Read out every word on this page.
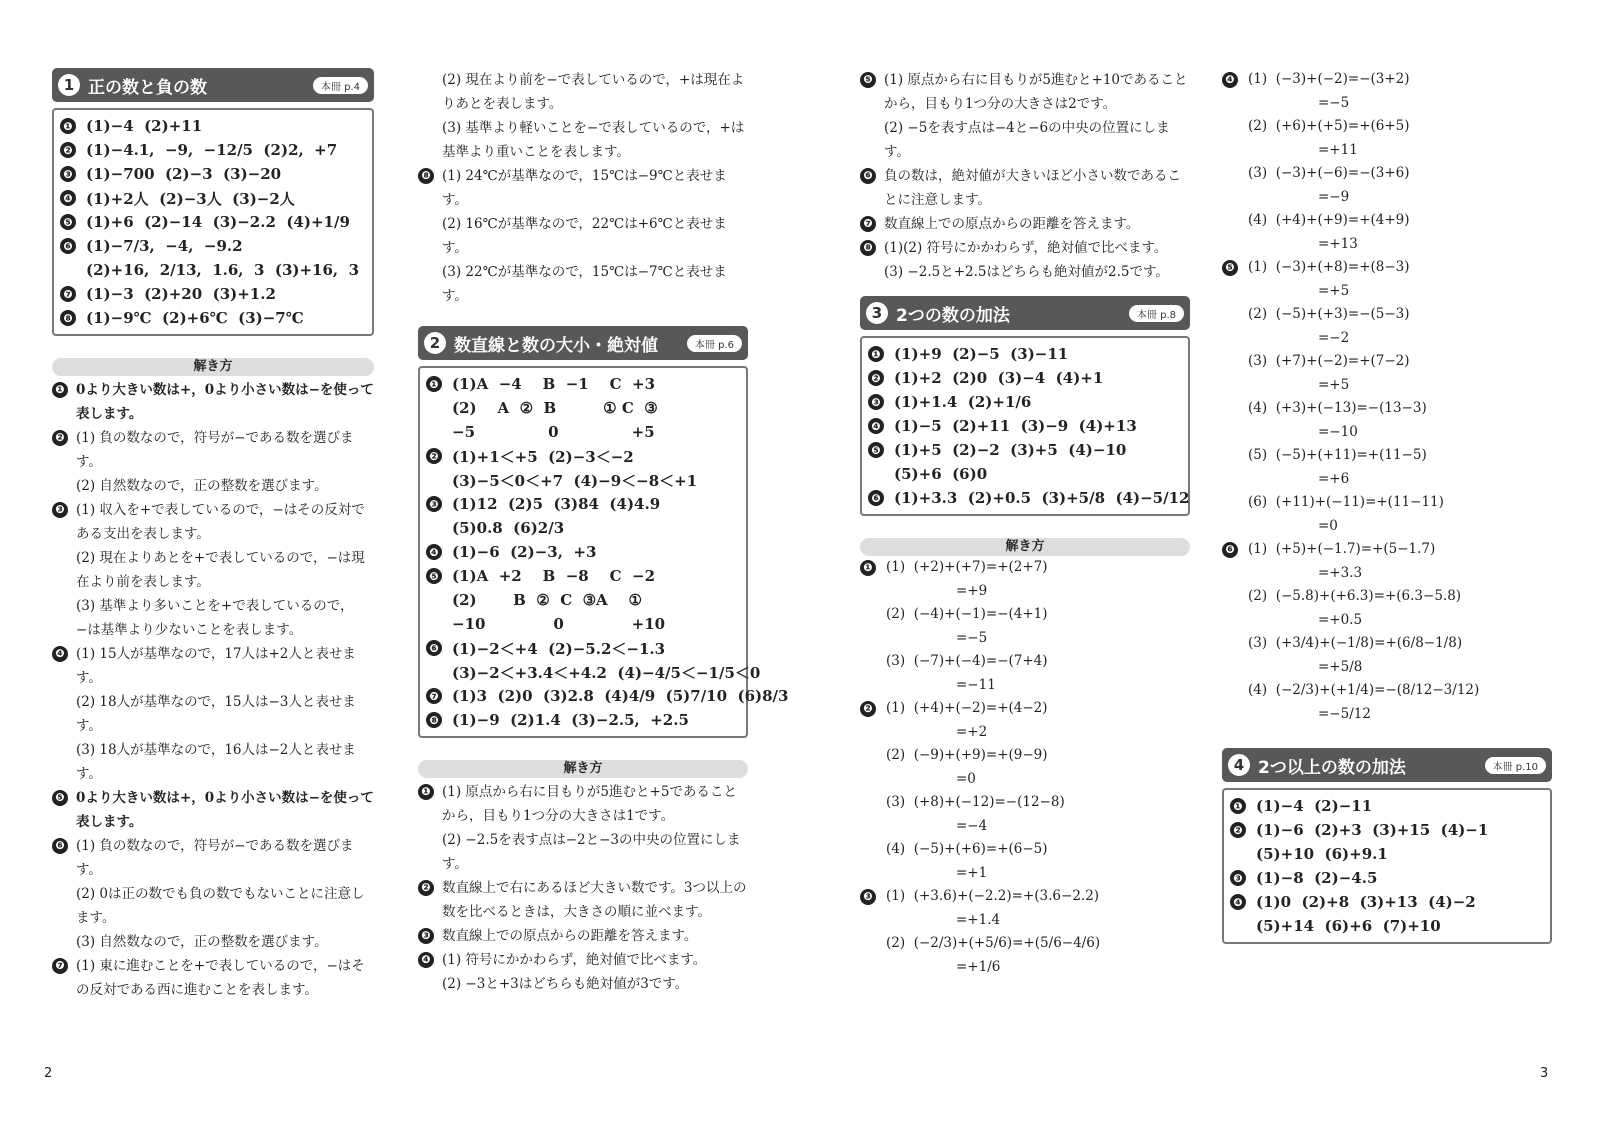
1 正の数と負の数	本冊 p.4
❶ (1)−4  (2)+11
❷ (1)−4.1,  −9,  −12/5  (2)2,  +7
❸ (1)−700  (2)−3  (3)−20
❹ (1)+2人  (2)−3人  (3)−2人
❺ (1)+6  (2)−14  (3)−2.2  (4)+1/9
❻ (1)−7/3,  −4,  −9.2
(2)+16,  2/13,  1.6,  3  (3)+16,  3
❼ (1)−3  (2)+20  (3)+1.2
❽ (1)−9℃  (2)+6℃  (3)−7℃
解き方
❶ 0より大きい数は+，0より小さい数は−を使って表します。
❷ (1) 負の数なので，符号が−である数を選びます。
(2) 自然数なので，正の整数を選びます。
❸ (1) 収入を+で表しているので，−はその反対である支出を表します。
(2) 現在よりあとを+で表しているので，−は現在より前を表します。
(3) 基準より多いことを+で表しているので，−は基準より少ないことを表します。
❹ (1) 15人が基準なので，17人は+2人と表せます。
(2) 18人が基準なので，15人は−3人と表せます。
(3) 18人が基準なので，16人は−2人と表せます。
❺ 0より大きい数は+，0より小さい数は−を使って表します。
❻ (1) 負の数なので，符号が−である数を選びます。
(2) 0は正の数でも負の数でもないことに注意します。
(3) 自然数なので，正の整数を選びます。
❼ (1) 東に進むことを+で表しているので，−はその反対である西に進むことを表します。
(2) 現在より前を−で表しているので，+は現在よりあとを表します。
(3) 基準より軽いことを−で表しているので，+は基準より重いことを表します。
❽ (1) 24℃が基準なので，15℃は−9℃と表せます。
(2) 16℃が基準なので，22℃は+6℃と表せます。
(3) 22℃が基準なので，15℃は−7℃と表せます。
2 数直線と数の大小・絶対値	本冊 p.6
❶ (1)A  −4    B  −1    C  +3
(2)    A  ②  B         ① C  ③
−5              0              +5
❷ (1)+1＜+5  (2)−3＜−2
(3)−5＜0＜+7  (4)−9＜−8＜+1
❸ (1)12  (2)5  (3)84  (4)4.9
(5)0.8  (6)2/3
❹ (1)−6  (2)−3,  +3
❺ (1)A  +2    B  −8    C  −2
(2)       B  ②  C  ③A    ①
−10             0             +10
❻ (1)−2＜+4  (2)−5.2＜−1.3
(3)−2＜+3.4＜+4.2  (4)−4/5＜−1/5＜0
❼ (1)3  (2)0  (3)2.8  (4)4/9  (5)7/10  (6)8/3
❽ (1)−9  (2)1.4  (3)−2.5,  +2.5
解き方
❶ (1) 原点から右に目もりが5進むと+5であることから，目もり1つ分の大きさは1です。
(2) −2.5を表す点は−2と−3の中央の位置にします。
❷ 数直線上で右にあるほど大きい数です。3つ以上の数を比べるときは，大きさの順に並べます。
❸ 数直線上での原点からの距離を答えます。
❹ (1) 符号にかかわらず，絶対値で比べます。
(2) −3と+3はどちらも絶対値が3です。
❺ (1) 原点から右に目もりが5進むと+10であることから，目もり1つ分の大きさは2です。
(2) −5を表す点は−4と−6の中央の位置にします。
❻ 負の数は，絶対値が大きいほど小さい数であることに注意します。
❼ 数直線上での原点からの距離を答えます。
❽ (1)(2) 符号にかかわらず，絶対値で比べます。
(3) −2.5と+2.5はどちらも絶対値が2.5です。
3 2つの数の加法	本冊 p.8
❶ (1)+9  (2)−5  (3)−11
❷ (1)+2  (2)0  (3)−4  (4)+1
❸ (1)+1.4  (2)+1/6
❹ (1)−5  (2)+11  (3)−9  (4)+13
❺ (1)+5  (2)−2  (3)+5  (4)−10
(5)+6  (6)0
❻ (1)+3.3  (2)+0.5  (3)+5/8  (4)−5/12
解き方
❶ (1)  (+2)+(+7)=+(2+7)
=+9
(2)  (−4)+(−1)=−(4+1)
=−5
(3)  (−7)+(−4)=−(7+4)
=−11
❷ (1)  (+4)+(−2)=+(4−2)
=+2
(2)  (−9)+(+9)=+(9−9)
=0
(3)  (+8)+(−12)=−(12−8)
=−4
(4)  (−5)+(+6)=+(6−5)
=+1
❸ (1)  (+3.6)+(−2.2)=+(3.6−2.2)
=+1.4
(2)  (−2/3)+(+5/6)=+(5/6−4/6)
=+1/6
❹ (1)  (−3)+(−2)=−(3+2)
=−5
(2)  (+6)+(+5)=+(6+5)
=+11
(3)  (−3)+(−6)=−(3+6)
=−9
(4)  (+4)+(+9)=+(4+9)
=+13
❺ (1)  (−3)+(+8)=+(8−3)
=+5
(2)  (−5)+(+3)=−(5−3)
=−2
(3)  (+7)+(−2)=+(7−2)
=+5
(4)  (+3)+(−13)=−(13−3)
=−10
(5)  (−5)+(+11)=+(11−5)
=+6
(6)  (+11)+(−11)=+(11−11)
=0
❻ (1)  (+5)+(−1.7)=+(5−1.7)
=+3.3
(2)  (−5.8)+(+6.3)=+(6.3−5.8)
=+0.5
(3)  (+3/4)+(−1/8)=+(6/8−1/8)
=+5/8
(4)  (−2/3)+(+1/4)=−(8/12−3/12)
=−5/12
4 2つ以上の数の加法	本冊 p.10
❶ (1)−4  (2)−11
❷ (1)−6  (2)+3  (3)+15  (4)−1
(5)+10  (6)+9.1
❸ (1)−8  (2)−4.5
❹ (1)0  (2)+8  (3)+13  (4)−2
(5)+14  (6)+6  (7)+10
2	3
